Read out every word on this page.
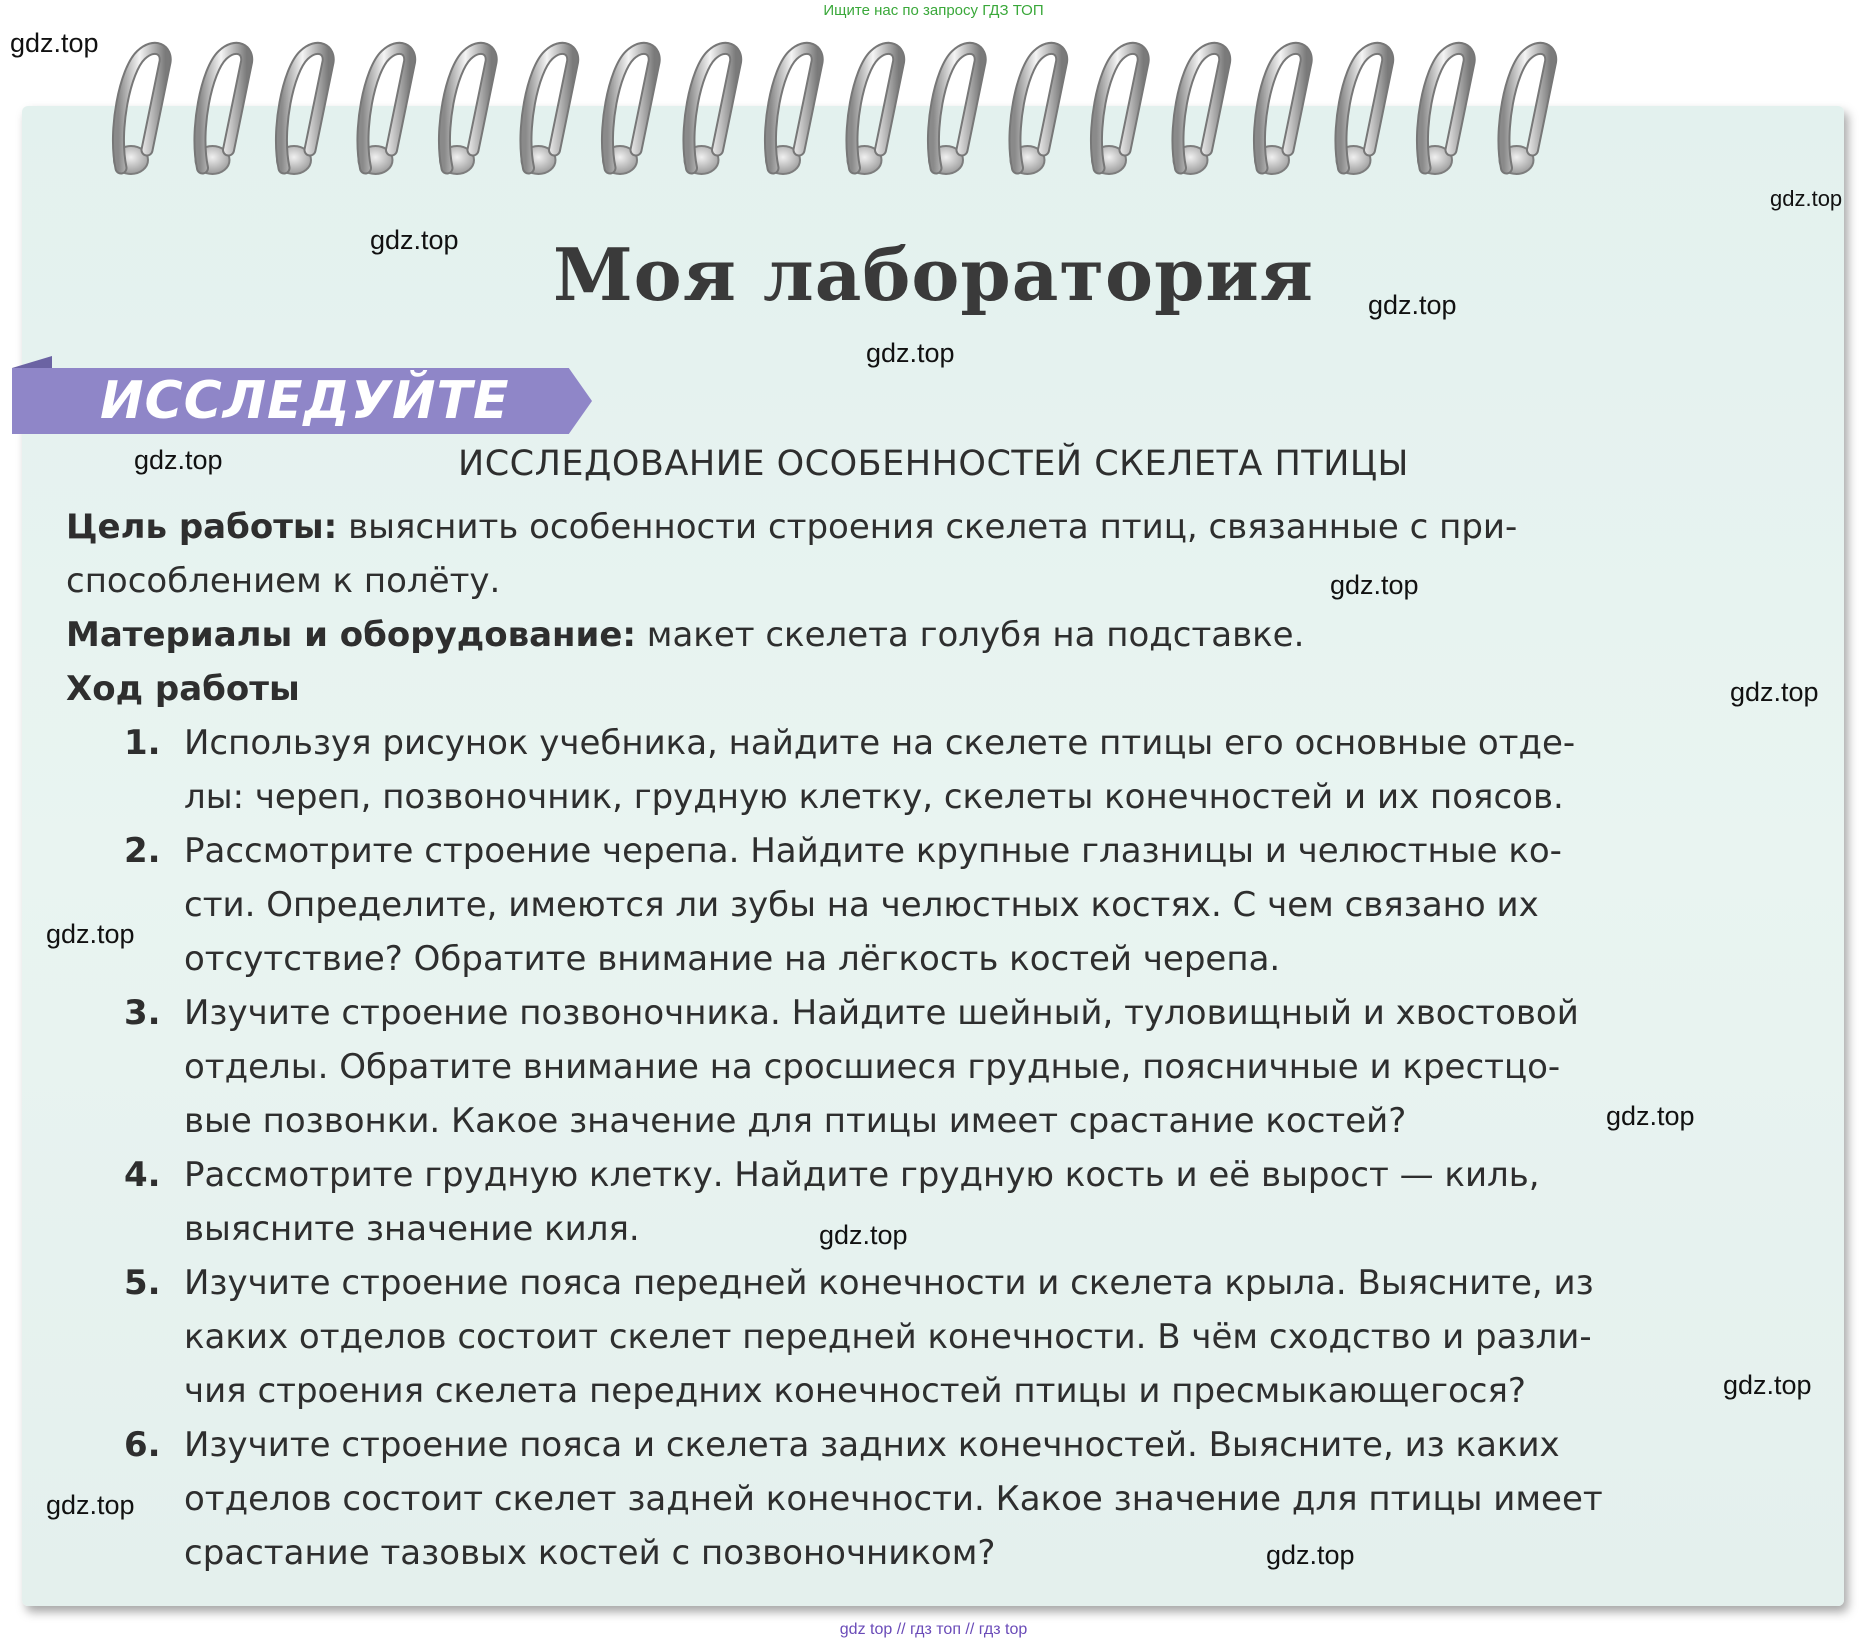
Ищите нас по запросу ГДЗ ТОП
Моя лаборатория
ИССЛЕДУЙТЕ
ИССЛЕДОВАНИЕ ОСОБЕННОСТЕЙ СКЕЛЕТА ПТИЦЫ

Цель работы: выяснить особенности строения скелета птиц, связанные с при-

способлением к полёту.

Материалы и оборудование: макет скелета голубя на подставке.

Ход работы

1. Используя рисунок учебника, найдите на скелете птицы его основные отде-
лы: череп, позвоночник, грудную клетку, скелеты конечностей и их поясов.
2. Рассмотрите строение черепа. Найдите крупные глазницы и челюстные ко-
сти. Определите, имеются ли зубы на челюстных костях. С чем связано их
отсутствие? Обратите внимание на лёгкость костей черепа.
3. Изучите строение позвоночника. Найдите шейный, туловищный и хвостовой
отделы. Обратите внимание на сросшиеся грудные, поясничные и крестцо-
вые позвонки. Какое значение для птицы имеет срастание костей?
4. Рассмотрите грудную клетку. Найдите грудную кость и её вырост — киль,
выясните значение киля.
5. Изучите строение пояса передней конечности и скелета крыла. Выясните, из
каких отделов состоит скелет передней конечности. В чём сходство и разли-
чия строения скелета передних конечностей птицы и пресмыкающегося?
6. Изучите строение пояса и скелета задних конечностей. Выясните, из каких
отделов состоит скелет задней конечности. Какое значение для птицы имеет
срастание тазовых костей с позвоночником?
gdz.top
gdz.top
gdz.top
gdz.top
gdz.top
gdz.top
gdz.top
gdz.top
gdz.top
gdz.top
gdz.top
gdz.top
gdz.top
gdz.top
gdz top // гдз топ // гдз top
